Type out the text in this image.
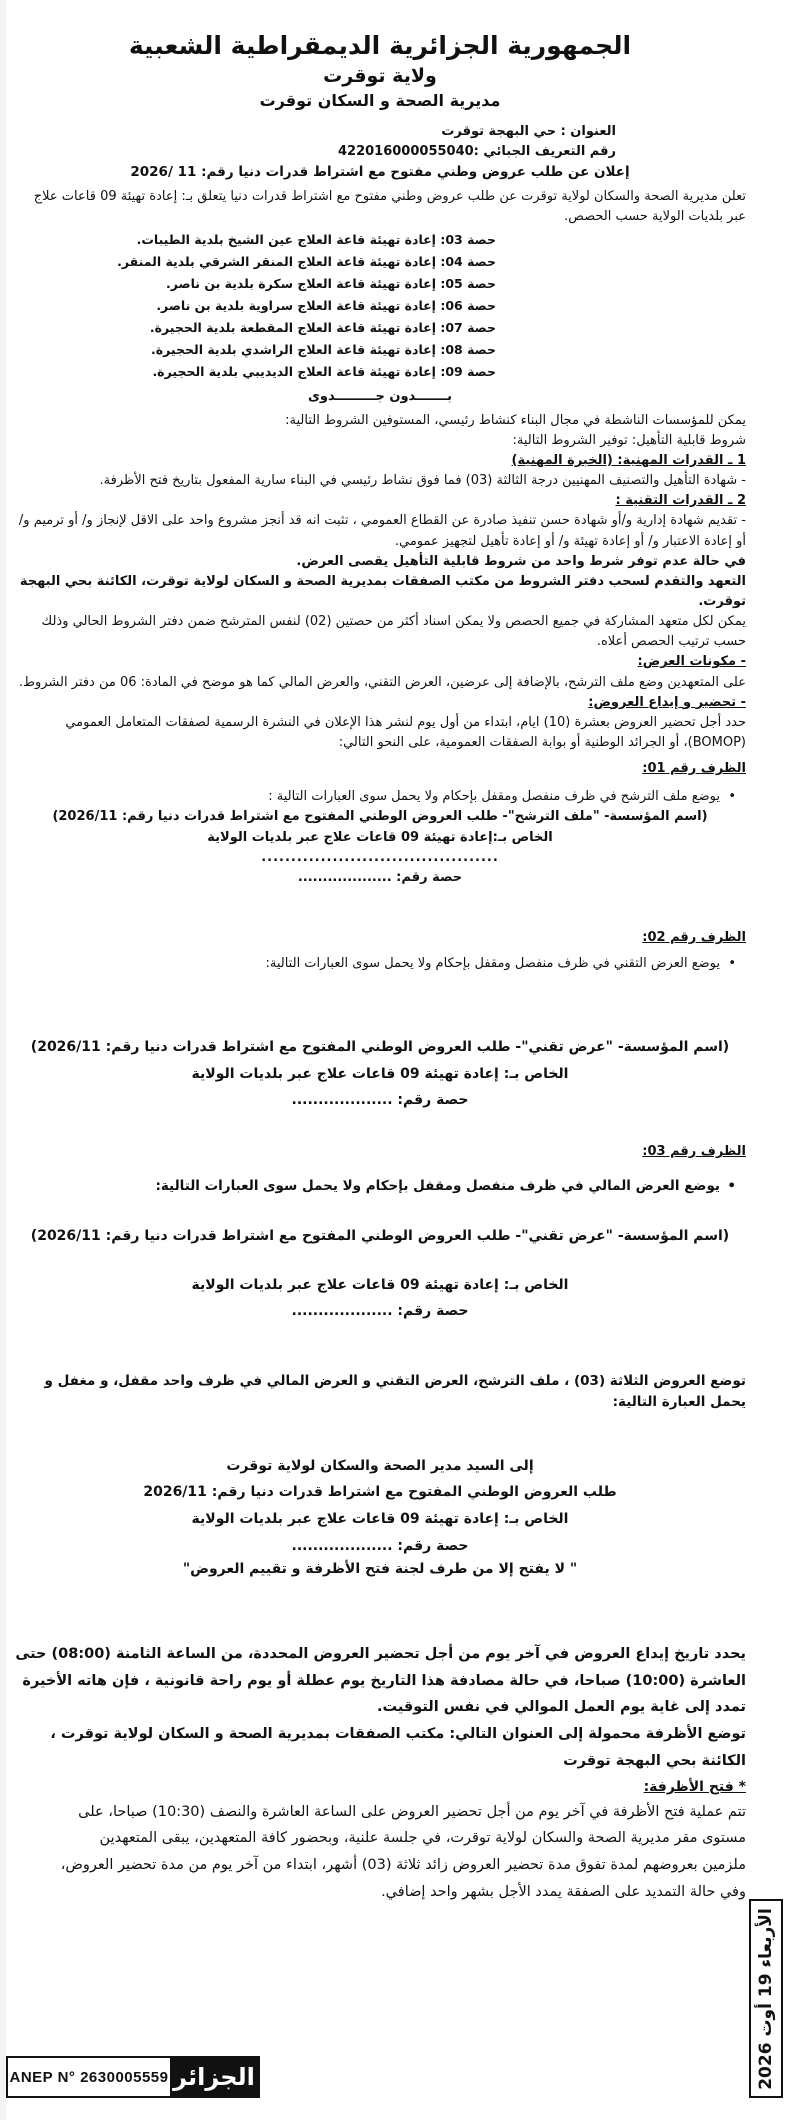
الجمهورية الجزائرية الديمقراطية الشعبية
ولاية توقرت
مديرية الصحة و السكان توقرت
العنوان : حي البهجة توقرت
رقم التعريف الجبائي :422016000055040
إعلان عن طلب عروض وطني مفتوح مع اشتراط قدرات دنيا رقم: 11 /2026
تعلن مديرية الصحة والسكان لولاية توقرت عن طلب عروض وطني مفتوح مع اشتراط قدرات دنيا يتعلق بـ: إعادة تهيئة 09 قاعات علاج عبر بلديات الولاية حسب الحصص.
حصة 03: إعادة تهيئة قاعة العلاج عين الشيخ بلدية الطيبات.
حصة 04: إعادة تهيئة قاعة العلاج المنقر الشرقي بلدية المنقر.
حصة 05: إعادة تهيئة قاعة العلاج سكرة بلدية بن ناصر.
حصة 06: إعادة تهيئة قاعة العلاج سراوية بلدية بن ناصر.
حصة 07: إعادة تهيئة قاعة العلاج المقطعة بلدية الحجيرة.
حصة 08: إعادة تهيئة قاعة العلاج الراشدي بلدية الحجيرة.
حصة 09: إعادة تهيئة قاعة العلاج الديديبي بلدية الحجيرة.
بـــــــدون جـــــــــدوى
يمكن للمؤسسات الناشطة في مجال البناء كنشاط رئيسي، المستوفين الشروط التالية:
شروط قابلية التأهيل: توفير الشروط التالية:
1 ـ القدرات المهنية: (الخبرة المهنية)
- شهادة التأهيل والتصنيف المهنيين درجة الثالثة (03) فما فوق نشاط رئيسي في البناء سارية المفعول بتاريخ فتح الأظرفة.
2 ـ القدرات التقنية :
- تقديم شهادة إدارية و/أو شهادة حسن تنفيذ صادرة عن القطاع العمومي ، تثبت انه قد أنجز مشروع واحد على الاقل لإنجاز و/ أو ترميم و/ أو إعادة الاعتبار و/ أو إعادة تهيئة و/ أو إعادة تأهيل لتجهيز عمومي.
في حالة عدم توفر شرط واحد من شروط قابلية التأهيل يقصى العرض.
التعهد والتقدم لسحب دفتر الشروط من مكتب الصفقات بمديرية الصحة و السكان لولاية توقرت، الكائنة بحي البهجة توقرت.
يمكن لكل متعهد المشاركة في جميع الحصص ولا يمكن اسناد أكثر من حصتين (02) لنفس المترشح ضمن دفتر الشروط الحالي وذلك حسب ترتيب الحصص أعلاه.
- مكونات العرض:
على المتعهدين وضع ملف الترشح، بالإضافة إلى عرضين، العرض التقني، والعرض المالي كما هو موضح في المادة: 06 من دفتر الشروط.
- تحضير و إيداع العروض:
حدد أجل تحضير العروض بعشرة (10) ايام، ابتداء من أول يوم لنشر هذا الإعلان في النشرة الرسمية لصفقات المتعامل العمومي (BOMOP)، أو الجرائد الوطنية أو بوابة الصفقات العمومية، على النحو التالي:
الظرف رقم 01:
• يوضع ملف الترشح في ظرف منفصل ومقفل بإحكام ولا يحمل سوى العبارات التالية :
(اسم المؤسسة- "ملف الترشح"- طلب العروض الوطني المفتوح مع اشتراط قدرات دنيا رقم: 2026/11)
الخاص بـ:إعادة تهيئة 09 قاعات علاج عبر بلديات الولاية
........................................
حصة رقم: ...................
الظرف رقم 02:
• يوضع العرض التقني في ظرف منفصل ومقفل بإحكام ولا يحمل سوى العبارات التالية:
(اسم المؤسسة- "عرض تقني"- طلب العروض الوطني المفتوح مع اشتراط قدرات دنيا رقم: 2026/11)
الخاص بـ: إعادة تهيئة 09 قاعات علاج عبر بلديات الولاية
حصة رقم: ...................
الظرف رقم 03:
• يوضع العرض المالي في ظرف منفصل ومقفل بإحكام ولا يحمل سوى العبارات التالية:
(اسم المؤسسة- "عرض تقني"- طلب العروض الوطني المفتوح مع اشتراط قدرات دنيا رقم: 2026/11)
الخاص بـ: إعادة تهيئة 09 قاعات علاج عبر بلديات الولاية
حصة رقم: ...................
توضع العروض الثلاثة (03) ، ملف الترشح، العرض التقني و العرض المالي في ظرف واحد مقفل، و مغفل و يحمل العبارة التالية:
إلى السيد مدير الصحة والسكان لولاية توقرت
طلب العروض الوطني المفتوح مع اشتراط قدرات دنيا رقم: 2026/11
الخاص بـ: إعادة تهيئة 09 قاعات علاج عبر بلديات الولاية
حصة رقم: ...................
" لا يفتح إلا من طرف لجنة فتح الأظرفة و تقييم العروض"
يحدد تاريخ إيداع العروض في آخر يوم من أجل تحضير العروض المحددة، من الساعة الثامنة (08:00) حتى العاشرة (10:00) صباحا، في حالة مصادفة هذا التاريخ يوم عطلة أو يوم راحة قانونية ، فإن هاته الأخيرة تمدد إلى غاية يوم العمل الموالي في نفس التوقيت.
توضع الأظرفة محمولة إلى العنوان التالي: مكتب الصفقات بمديرية الصحة و السكان لولاية توقرت ، الكائنة بحي البهجة توقرت
* فتح الأظرفة:
تتم عملية فتح الأظرفة في آخر يوم من أجل تحضير العروض على الساعة العاشرة والنصف (10:30) صباحا، على مستوى مقر مديرية الصحة والسكان لولاية توقرت، في جلسة علنية، وبحضور كافة المتعهدين، يبقى المتعهدين ملزمين بعروضهم لمدة تفوق مدة تحضير العروض زائد ثلاثة (03) أشهر، ابتداء من آخر يوم من مدة تحضير العروض، وفي حالة التمديد على الصفقة يمدد الأجل بشهر واحد إضافي.
الأربعاء 19 أوت 2026
ANEP N° 2630005559 الجزائر
